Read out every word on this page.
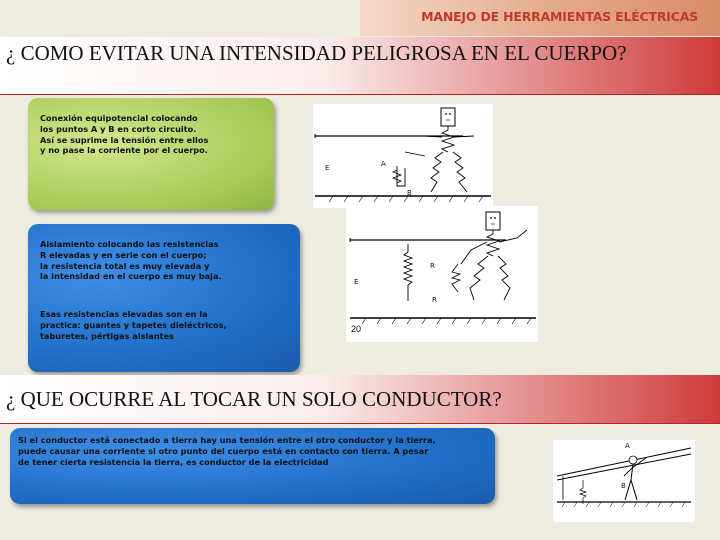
MANEJO DE HERRAMIENTAS ELÉCTRICAS
¿ COMO EVITAR UNA INTENSIDAD PELIGROSA EN EL CUERPO?

Conexión equipotencial colocando
los puntos A y B en corto circuito.
Así se suprime la tensión entre ellos
y no pase la corriente por el cuerpo.

E	A
B

Aislamiento colocando las resistencias
R elevadas y en serie con el cuerpo;
la resistencia total es muy elevada y
la intensidad en el cuerpo es muy baja.

Esas resistencias elevadas son en la
practica: guantes y tapetes dieléctricos,
taburetes, pértigas aislantes

E
R
R
20
¿ QUE OCURRE AL TOCAR UN SOLO CONDUCTOR?

Si el conductor está conectado a tierra hay una tensión entre el otro conductor y la tierra,
puede causar una corriente si otro punto del cuerpo está en contacto con tierra. A pesar
de tener cierta resistencia la tierra, es conductor de la electricidad

A
B
